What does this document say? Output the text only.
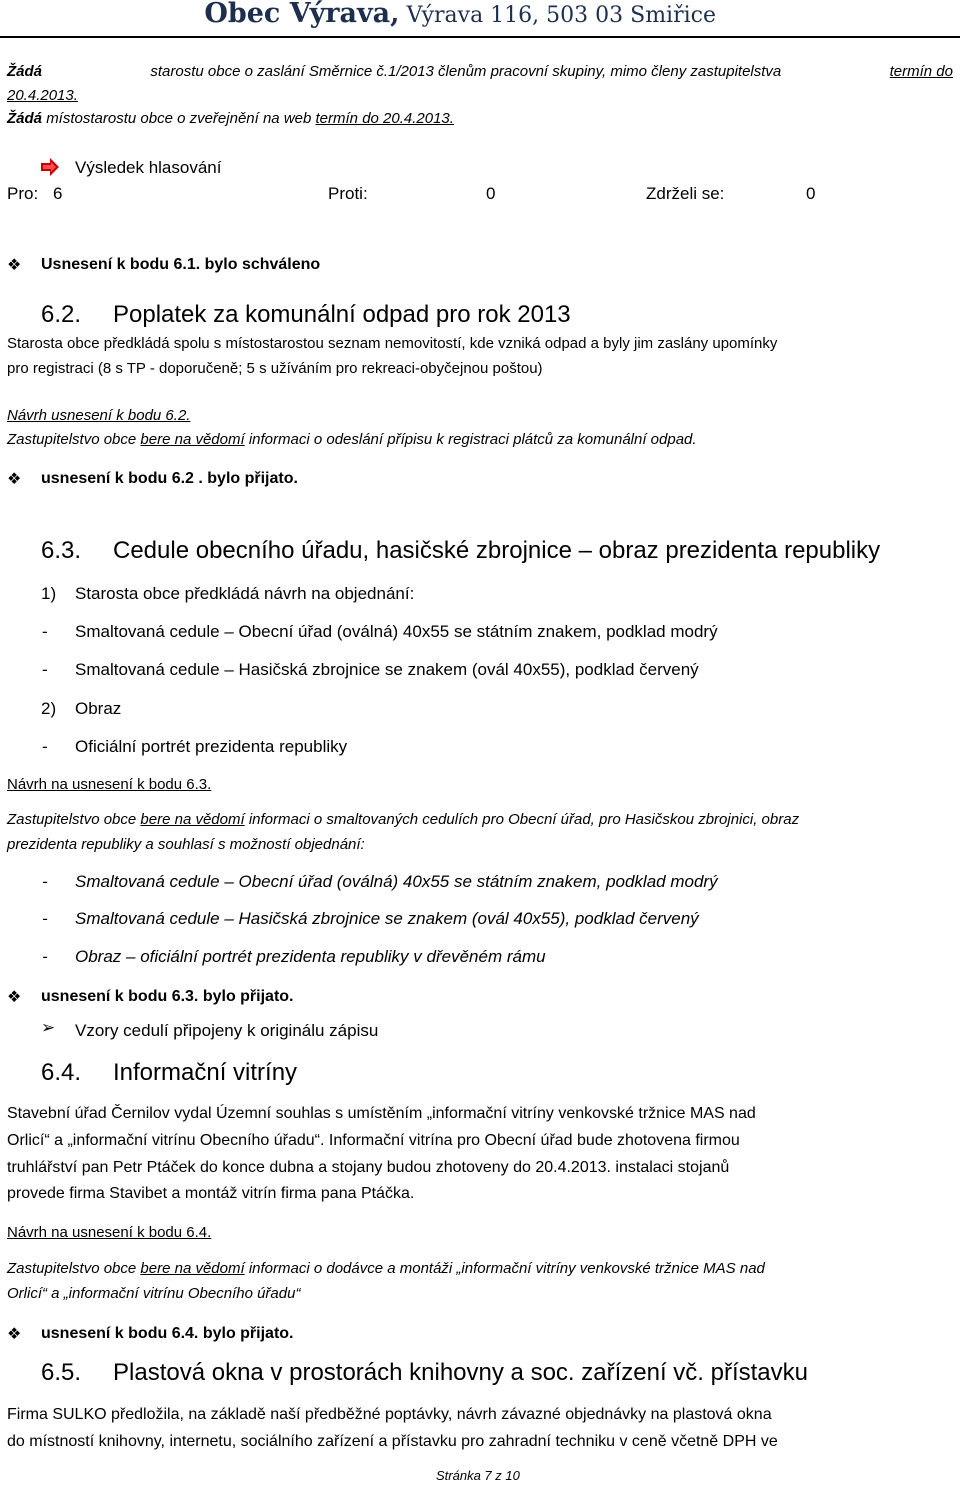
Obec Výrava, Výrava 116, 503 03 Smiřice
Žádá	starostu obce o zaslání Směrnice č.1/2013 členům pracovní skupiny, mimo členy zastupitelstva	termín do
20.4.2013.
Žádá místostarostu obce o zveřejnění na web termín do 20.4.2013.
Výsledek hlasování
Pro: 6	Proti:	0	Zdrželi se:	0
❖ Usnesení k bodu 6.1. bylo schváleno
6.2. Poplatek za komunální odpad pro rok 2013
Starosta obce předkládá spolu s místostarostou seznam nemovitostí, kde vzniká odpad a byly jim zaslány upomínky
pro registraci (8 s TP - doporučeně; 5 s užíváním pro rekreaci-obyčejnou poštou)
Návrh usnesení k bodu 6.2.
Zastupitelstvo obce bere na vědomí informaci o odeslání přípisu k registraci plátců za komunální odpad.
❖ usnesení k bodu 6.2 . bylo přijato.
6.3. Cedule obecního úřadu, hasičské zbrojnice – obraz prezidenta republiky
1) Starosta obce předkládá návrh na objednání:
- Smaltovaná cedule – Obecní úřad (oválná) 40x55 se státním znakem, podklad modrý
- Smaltovaná cedule – Hasičská zbrojnice se znakem (ovál 40x55), podklad červený
2) Obraz
- Oficiální portrét prezidenta republiky
Návrh na usnesení k bodu 6.3.
Zastupitelstvo obce bere na vědomí informaci o smaltovaných cedulích pro Obecní úřad, pro Hasičskou zbrojnici, obraz
prezidenta republiky a souhlasí s možností objednání:
- Smaltovaná cedule – Obecní úřad (oválná) 40x55 se státním znakem, podklad modrý
- Smaltovaná cedule – Hasičská zbrojnice se znakem (ovál 40x55), podklad červený
- Obraz – oficiální portrét prezidenta republiky v dřevěném rámu
❖ usnesení k bodu 6.3. bylo přijato.
➢ Vzory cedulí připojeny k originálu zápisu
6.4. Informační vitríny
Stavební úřad Černilov vydal Územní souhlas s umístěním „informační vitríny venkovské tržnice MAS nad
Orlicí“ a „informační vitrínu Obecního úřadu“. Informační vitrína pro Obecní úřad bude zhotovena firmou
truhlářství pan Petr Ptáček do konce dubna a stojany budou zhotoveny do 20.4.2013. instalaci stojanů
provede firma Stavibet a montáž vitrín firma pana Ptáčka.
Návrh na usnesení k bodu 6.4.
Zastupitelstvo obce bere na vědomí informaci o dodávce a montáži „informační vitríny venkovské tržnice MAS nad
Orlicí“ a „informační vitrínu Obecního úřadu“
❖ usnesení k bodu 6.4. bylo přijato.
6.5. Plastová okna v prostorách knihovny a soc. zařízení vč. přístavku
Firma SULKO předložila, na základě naší předběžné poptávky, návrh závazné objednávky na plastová okna
do místností knihovny, internetu, sociálního zařízení a přístavku pro zahradní techniku v ceně včetně DPH ve
Stránka 7 z 10
